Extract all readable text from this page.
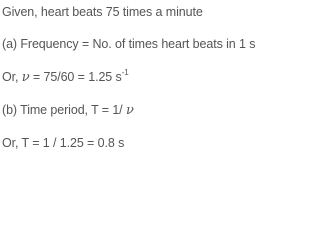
Given, heart beats 75 times a minute
(a) Frequency = No. of times heart beats in 1 s
Or, ν = 75/60 = 1.25 $s^{-1}$
(b) Time period, T = 1/ ν
Or, T = 1 / 1.25 = 0.8 s
